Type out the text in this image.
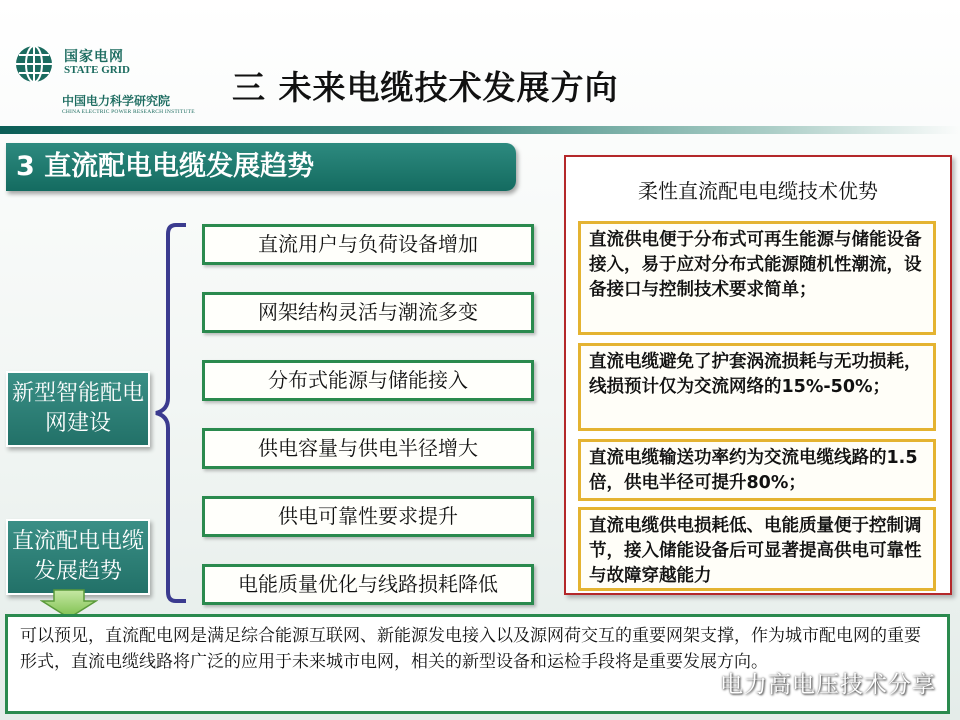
国家电网
STATE GRID
中国电力科学研究院
CHINA ELECTRIC POWER RESEARCH INSTITUTE
三 未来电缆技术发展方向
3 直流配电电缆发展趋势
新型智能配电网建设
直流配电电缆发展趋势
直流用户与负荷设备增加
网架结构灵活与潮流多变
分布式能源与储能接入
供电容量与供电半径增大
供电可靠性要求提升
电能质量优化与线路损耗降低
柔性直流配电电缆技术优势
直流供电便于分布式可再生能源与储能设备接入，易于应对分布式能源随机性潮流，设备接口与控制技术要求简单；
直流电缆避免了护套涡流损耗与无功损耗，线损预计仅为交流网络的15%-50%；
直流电缆输送功率约为交流电缆线路的1.5倍，供电半径可提升80%；
直流电缆供电损耗低、电能质量便于控制调节，接入储能设备后可显著提高供电可靠性与故障穿越能力
可以预见，直流配电网是满足综合能源互联网、新能源发电接入以及源网荷交互的重要网架支撑，作为城市配电网的重要形式，直流电缆线路将广泛的应用于未来城市电网，相关的新型设备和运检手段将是重要发展方向。
电力高电压技术分享
